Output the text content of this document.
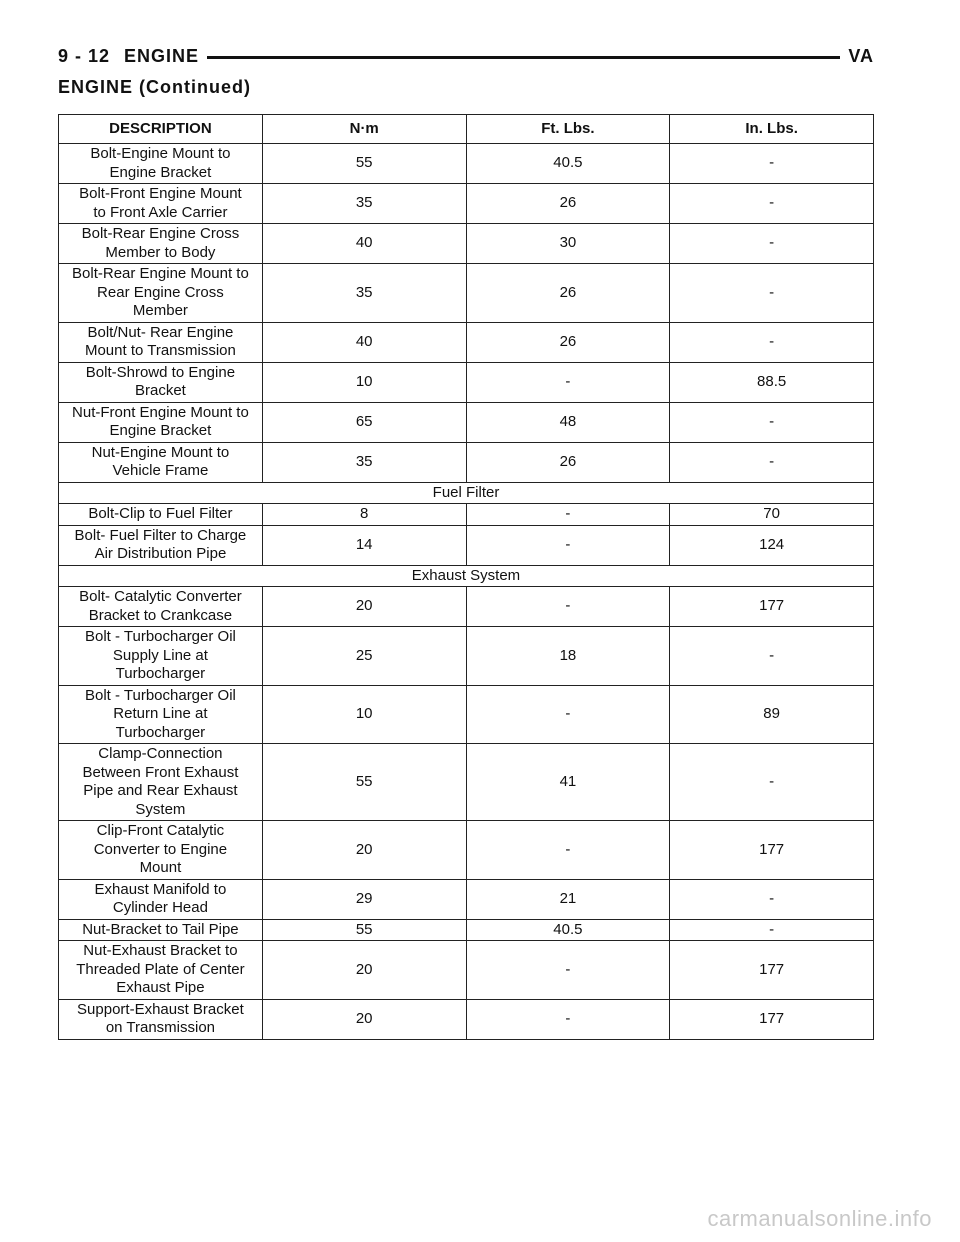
9 - 12 ENGINE	VA
ENGINE (Continued)
DESCRIPTION	N·m	Ft. Lbs.	In. Lbs.
Bolt-Engine Mount to
Engine Bracket	55	40.5	-
Bolt-Front Engine Mount
to Front Axle Carrier	35	26	-
Bolt-Rear Engine Cross
Member to Body	40	30	-
Bolt-Rear Engine Mount to
Rear Engine Cross
Member	35	26	-
Bolt/Nut- Rear Engine
Mount to Transmission	40	26	-
Bolt-Shrowd to Engine
Bracket	10	-	88.5
Nut-Front Engine Mount to
Engine Bracket	65	48	-
Nut-Engine Mount to
Vehicle Frame	35	26	-
Fuel Filter			
Bolt-Clip to Fuel Filter	8	-	70
Bolt- Fuel Filter to Charge
Air Distribution Pipe	14	-	124
Exhaust System			
Bolt- Catalytic Converter
Bracket to Crankcase	20	-	177
Bolt - Turbocharger Oil
Supply Line at
Turbocharger	25	18	-
Bolt - Turbocharger Oil
Return Line at
Turbocharger	10	-	89
Clamp-Connection
Between Front Exhaust
Pipe and Rear Exhaust
System	55	41	-
Clip-Front Catalytic
Converter to Engine
Mount	20	-	177
Exhaust Manifold to
Cylinder Head	29	21	-
Nut-Bracket to Tail Pipe	55	40.5	-
Nut-Exhaust Bracket to
Threaded Plate of Center
Exhaust Pipe	20	-	177
Support-Exhaust Bracket
on Transmission	20	-	177
carmanualsonline.info
